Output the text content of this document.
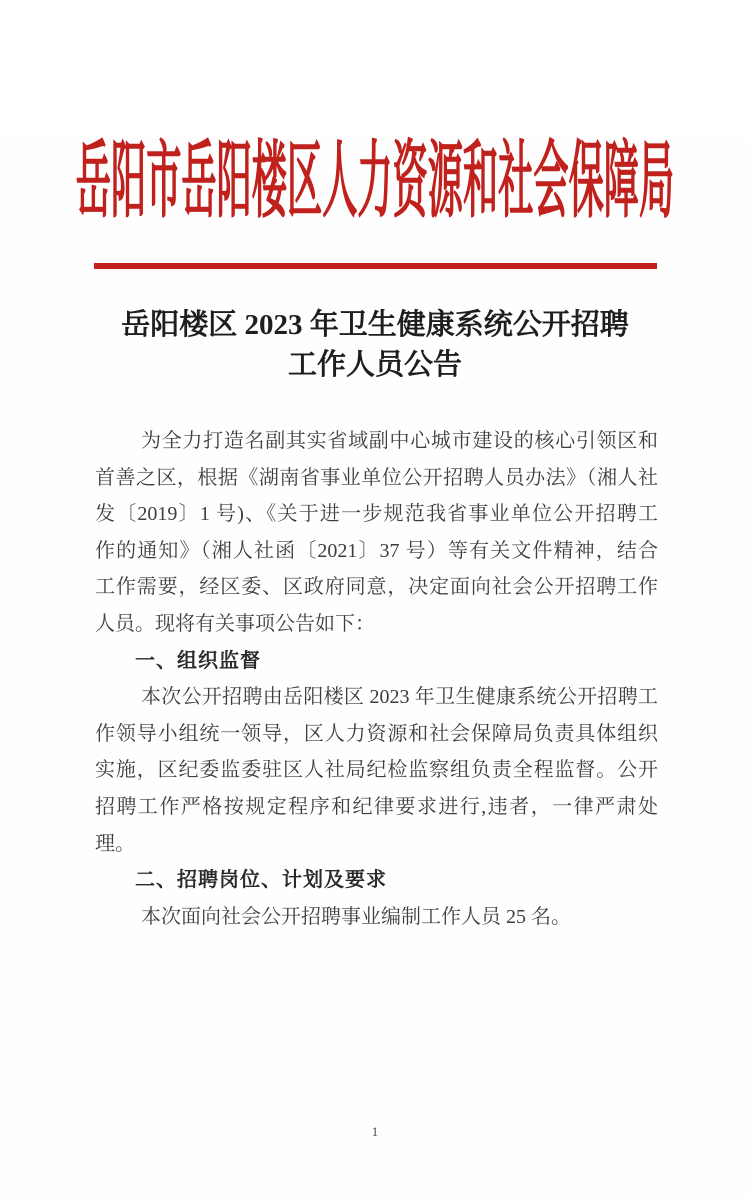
岳阳市岳阳楼区人力资源和社会保障局
岳阳楼区 2023 年卫生健康系统公开招聘
工作人员公告
为全力打造名副其实省域副中心城市建设的核心引领区和
首善之区，根据《湖南省事业单位公开招聘人员办法》（湘人社
发〔2019〕1 号)、《关于进一步规范我省事业单位公开招聘工
作的通知》（湘人社函〔2021〕37 号）等有关文件精神，结合
工作需要，经区委、区政府同意，决定面向社会公开招聘工作
人员。现将有关事项公告如下：
一、组织监督
本次公开招聘由岳阳楼区 2023 年卫生健康系统公开招聘工
作领导小组统一领导，区人力资源和社会保障局负责具体组织
实施，区纪委监委驻区人社局纪检监察组负责全程监督。公开
招聘工作严格按规定程序和纪律要求进行,违者，一律严肃处
理。
二、招聘岗位、计划及要求
本次面向社会公开招聘事业编制工作人员 25 名。
1
